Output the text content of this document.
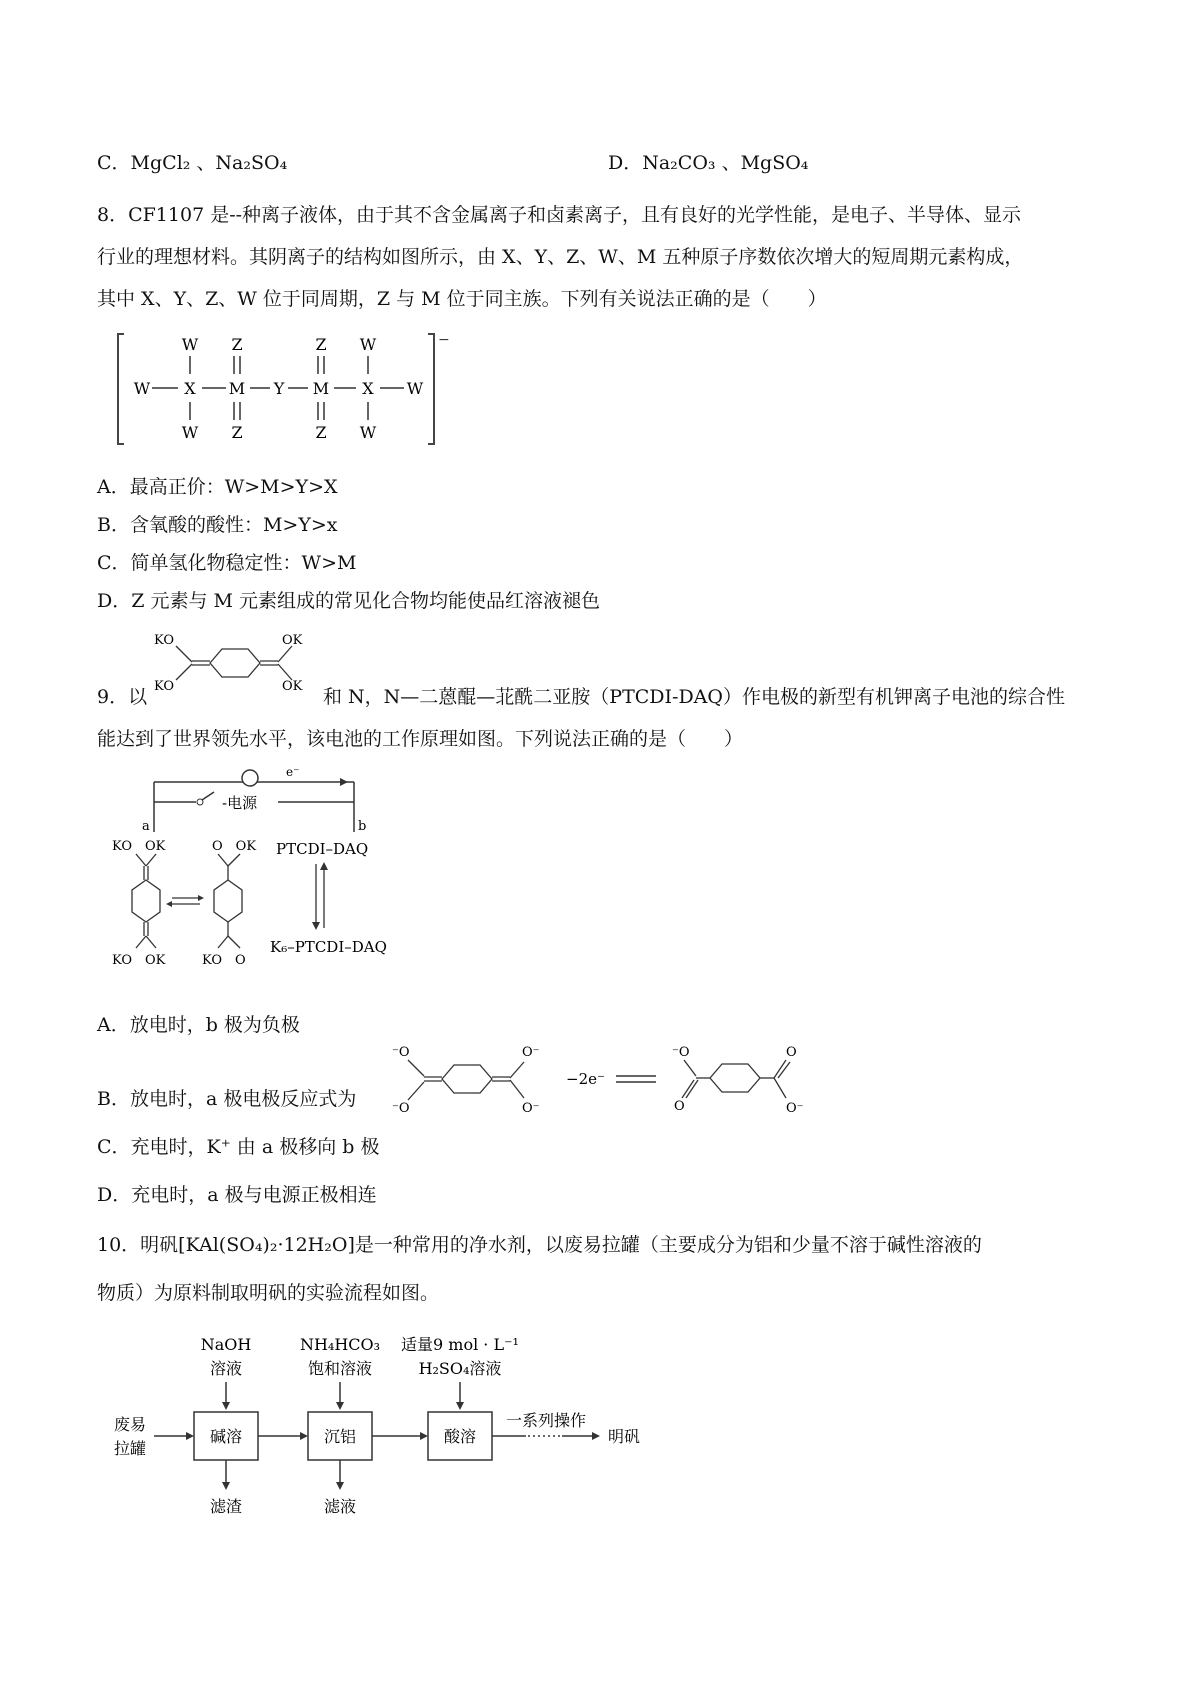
C．MgCl₂ 、Na₂SO₄	D．Na₂CO₃ 、MgSO₄
8．CF1107 是--种离子液体，由于其不含金属离子和卤素离子，且有良好的光学性能，是电子、半导体、显示
行业的理想材料。其阴离子的结构如图所示，由 X、Y、Z、W、M 五种原子序数依次增大的短周期元素构成，
其中 X、Y、Z、W 位于同周期，Z 与 M 位于同主族。下列有关说法正确的是（　　）
−
W Z	Z W
W X M Y M X W
W Z	Z W
A．最高正价：W>M>Y>X
B．含氧酸的酸性：M>Y>x
C．简单氢化物稳定性：W>M
D．Z 元素与 M 元素组成的常见化合物均能使品红溶液褪色
KO
KO
OK
OK
9．以	和 N，N—二蒽醌—苝酰二亚胺（PTCDI-DAQ）作电极的新型有机钾离子电池的综合性
能达到了世界领先水平，该电池的工作原理如图。下列说法正确的是（　　）
e⁻
-电源
a	b
KO　OK
KO　OK
O　OK
KO　O
PTCDI–DAQ
K₆–PTCDI–DAQ
A．放电时，b 极为负极
⁻O
⁻O
O⁻
O⁻
−2e⁻
⁻O
O
O
O⁻
B．放电时，a 极电极反应式为
C．充电时，K⁺ 由 a 极移向 b 极
D．充电时，a 极与电源正极相连
10．明矾[KAl(SO₄)₂·12H₂O]是一种常用的净水剂，以废易拉罐（主要成分为铝和少量不溶于碱性溶液的
物质）为原料制取明矾的实验流程如图。
NaOH
溶液
NH₄HCO₃
饱和溶液
适量9 mol · L⁻¹
H₂SO₄溶液
废易
拉罐
碱溶	沉铝	酸溶
一系列操作
明矾
滤渣	滤液
